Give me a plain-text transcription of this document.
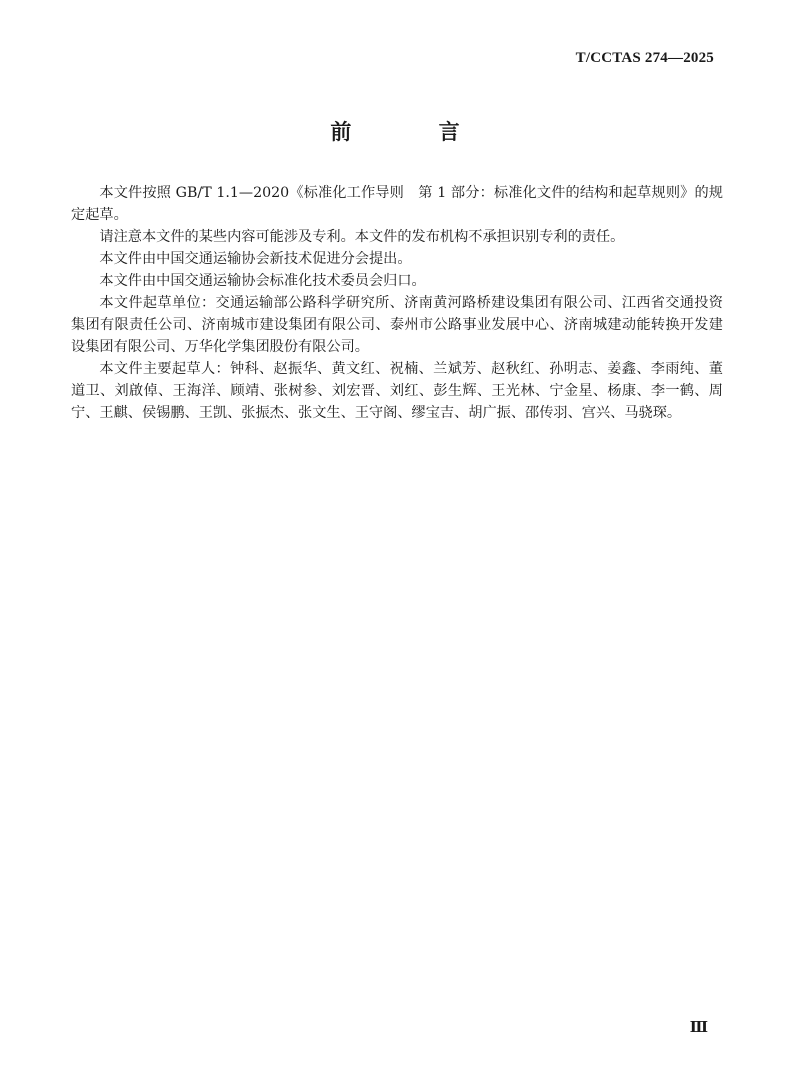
T/CCTAS 274—2025
前 言

本文件按照 GB/T 1.1—2020《标准化工作导则　第 1 部分：标准化文件的结构和起草规则》的规定起草。

请注意本文件的某些内容可能涉及专利。本文件的发布机构不承担识别专利的责任。

本文件由中国交通运输协会新技术促进分会提出。

本文件由中国交通运输协会标准化技术委员会归口。

本文件起草单位：交通运输部公路科学研究所、济南黄河路桥建设集团有限公司、江西省交通投资集团有限责任公司、济南城市建设集团有限公司、泰州市公路事业发展中心、济南城建动能转换开发建设集团有限公司、万华化学集团股份有限公司。

本文件主要起草人：钟科、赵振华、黄文红、祝楠、兰斌芳、赵秋红、孙明志、姜鑫、李雨纯、董道卫、刘啟倬、王海洋、顾靖、张树参、刘宏晋、刘红、彭生辉、王光林、宁金星、杨康、李一鹤、周宁、王麒、侯锡鹏、王凯、张振杰、张文生、王守阁、缪宝吉、胡广振、邵传羽、宫兴、马骁琛。

Ⅲ
